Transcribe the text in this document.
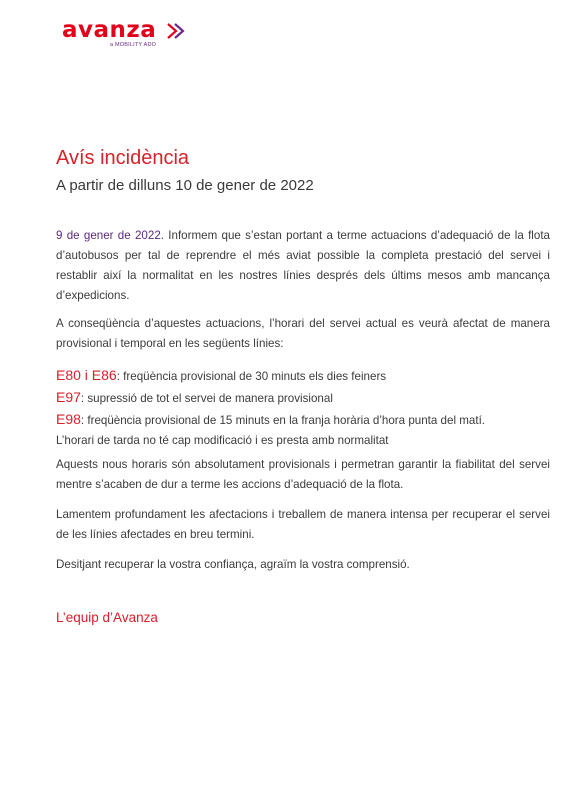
avanza
a MOBILITY ADO
Avís incidència
A partir de dilluns 10 de gener de 2022

9 de gener de 2022. Informem que s’estan portant a terme actuacions d’adequació de la flota d’autobusos per tal de reprendre el més aviat possible la completa prestació del servei i restablir així la normalitat en les nostres línies després dels últims mesos amb mancança d’expedicions.

A conseqüència d’aquestes actuacions, l’horari del servei actual es veurà afectat de manera provisional i temporal en les següents línies:

E80 i E86: freqüència provisional de 30 minuts els dies feiners
E97: supressió de tot el servei de manera provisional
E98: freqüència provisional de 15 minuts en la franja horària d’hora punta del matí.
L’horari de tarda no té cap modificació i es presta amb normalitat

Aquests nous horaris són absolutament provisionals i permetran garantir la fiabilitat del servei mentre s’acaben de dur a terme les accions d’adequació de la flota.

Lamentem profundament les afectacions i treballem de manera intensa per recuperar el servei de les línies afectades en breu termini.

Desitjant recuperar la vostra confiança, agraïm la vostra comprensió.

L’equip d’Avanza
